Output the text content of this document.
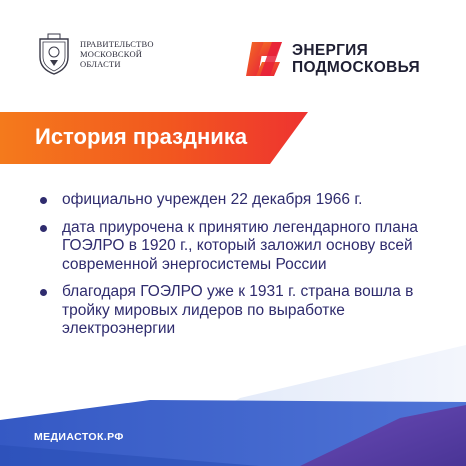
ПРАВИТЕЛЬСТВО
МОСКОВСКОЙ
ОБЛАСТИ
ЭНЕРГИЯ
ПОДМОСКОВЬЯ
История праздника
официально учрежден 22 декабря 1966 г.
дата приурочена к принятию легендарного плана ГОЭЛРО в 1920 г., который заложил основу всей современной энергосистемы России
благодаря ГОЭЛРО уже к 1931 г. страна вошла в тройку мировых лидеров по выработке электроэнергии
МЕДИАСТОК.РФ
